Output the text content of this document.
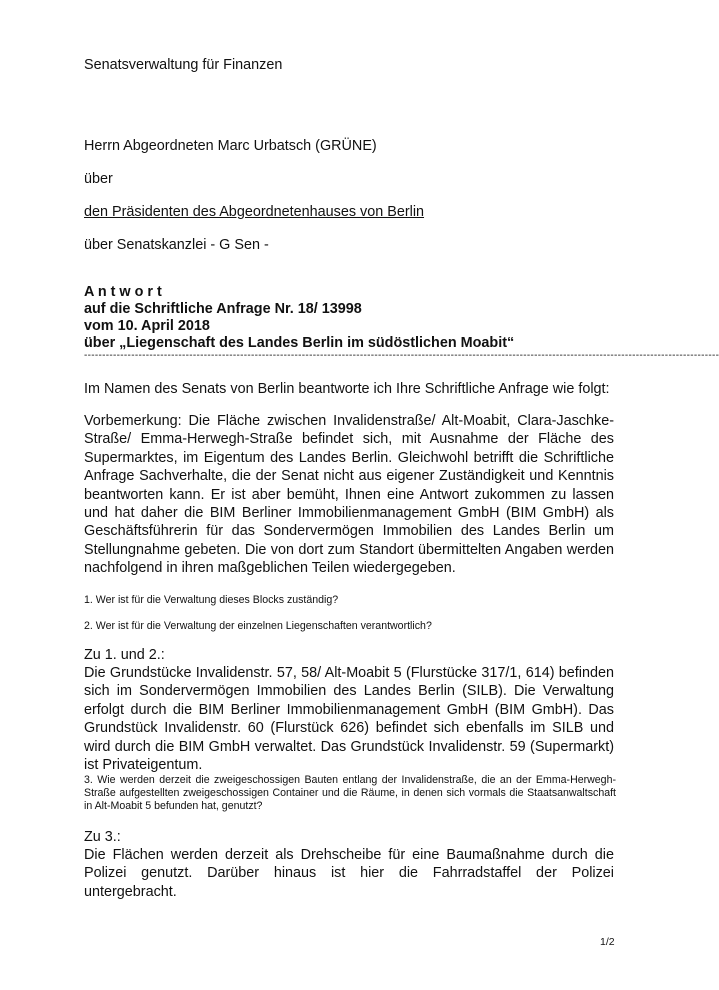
Senatsverwaltung für Finanzen
Herrn Abgeordneten Marc Urbatsch (GRÜNE)
über
den Präsidenten des Abgeordnetenhauses von Berlin
über Senatskanzlei - G Sen -
A n t w o r t
auf die Schriftliche Anfrage Nr. 18/ 13998
vom 10. April 2018
über „Liegenschaft des Landes Berlin im südöstlichen Moabit“
-------------------------------------------------------------------------------------------------------------------------------------------------------------------------------
Im Namen des Senats von Berlin beantworte ich Ihre Schriftliche Anfrage wie folgt:
Vorbemerkung: Die Fläche zwischen Invalidenstraße/ Alt-Moabit, Clara-Jaschke-Straße/ Emma-Herwegh-Straße befindet sich, mit Ausnahme der Fläche des Supermarktes, im Eigentum des Landes Berlin. Gleichwohl betrifft die Schriftliche Anfrage Sachverhalte, die der Senat nicht aus eigener Zuständigkeit und Kenntnis beantworten kann. Er ist aber bemüht, Ihnen eine Antwort zukommen zu lassen und hat daher die BIM Berliner Immobilienmanagement GmbH (BIM GmbH) als Geschäftsführerin für das Sondervermögen Immobilien des Landes Berlin um Stellungnahme gebeten. Die von dort zum Standort übermittelten Angaben werden nachfolgend in ihren maßgeblichen Teilen wiedergegeben.
1. Wer ist für die Verwaltung dieses Blocks zuständig?
2. Wer ist für die Verwaltung der einzelnen Liegenschaften verantwortlich?
Zu 1. und 2.:
Die Grundstücke Invalidenstr. 57, 58/ Alt-Moabit 5 (Flurstücke 317/1, 614) befinden sich im Sondervermögen Immobilien des Landes Berlin (SILB). Die Verwaltung erfolgt durch die BIM Berliner Immobilienmanagement GmbH (BIM GmbH). Das Grundstück Invalidenstr. 60 (Flurstück 626) befindet sich ebenfalls im SILB und wird durch die BIM GmbH verwaltet. Das Grundstück Invalidenstr. 59 (Supermarkt) ist Privateigentum.
3. Wie werden derzeit die zweigeschossigen Bauten entlang der Invalidenstraße, die an der Emma-Herwegh-Straße aufgestellten zweigeschossigen Container und die Räume, in denen sich vormals die Staatsanwaltschaft in Alt-Moabit 5 befunden hat, genutzt?
Zu 3.:
Die Flächen werden derzeit als Drehscheibe für eine Baumaßnahme durch die Polizei genutzt. Darüber hinaus ist hier die Fahrradstaffel der Polizei untergebracht.
1/2
